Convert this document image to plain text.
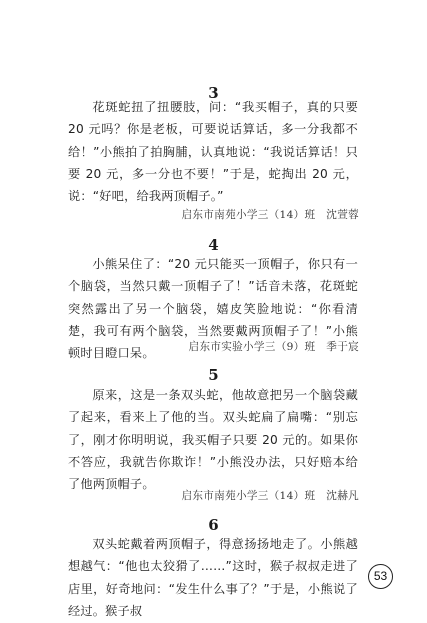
3

花斑蛇扭了扭腰肢，问：“我买帽子，真的只要 20 元吗？你是老板，可要说话算话，多一分我都不给！”小熊拍了拍胸脯，认真地说：“我说话算话！只要 20 元，多一分也不要！”于是，蛇掏出 20 元，说：“好吧，给我两顶帽子。”

启东市南苑小学三（14）班　沈萱蓉
4

小熊呆住了：“20 元只能买一顶帽子，你只有一个脑袋，当然只戴一顶帽子了！”话音未落，花斑蛇突然露出了另一个脑袋，嬉皮笑脸地说：“你看清楚，我可有两个脑袋，当然要戴两顶帽子了！”小熊顿时目瞪口呆。	启东市实验小学三（9）班　季于宸
5

原来，这是一条双头蛇，他故意把另一个脑袋藏了起来，看来上了他的当。双头蛇扁了扁嘴：“别忘了，刚才你明明说，我买帽子只要 20 元的。如果你不答应，我就告你欺诈！”小熊没办法，只好赔本给了他两顶帽子。

启东市南苑小学三（14）班　沈赫凡
6

双头蛇戴着两顶帽子，得意扬扬地走了。小熊越想越气：“他也太狡猾了……”这时，猴子叔叔走进了店里，好奇地问：“发生什么事了？”于是，小熊说了经过。猴子叔

53
